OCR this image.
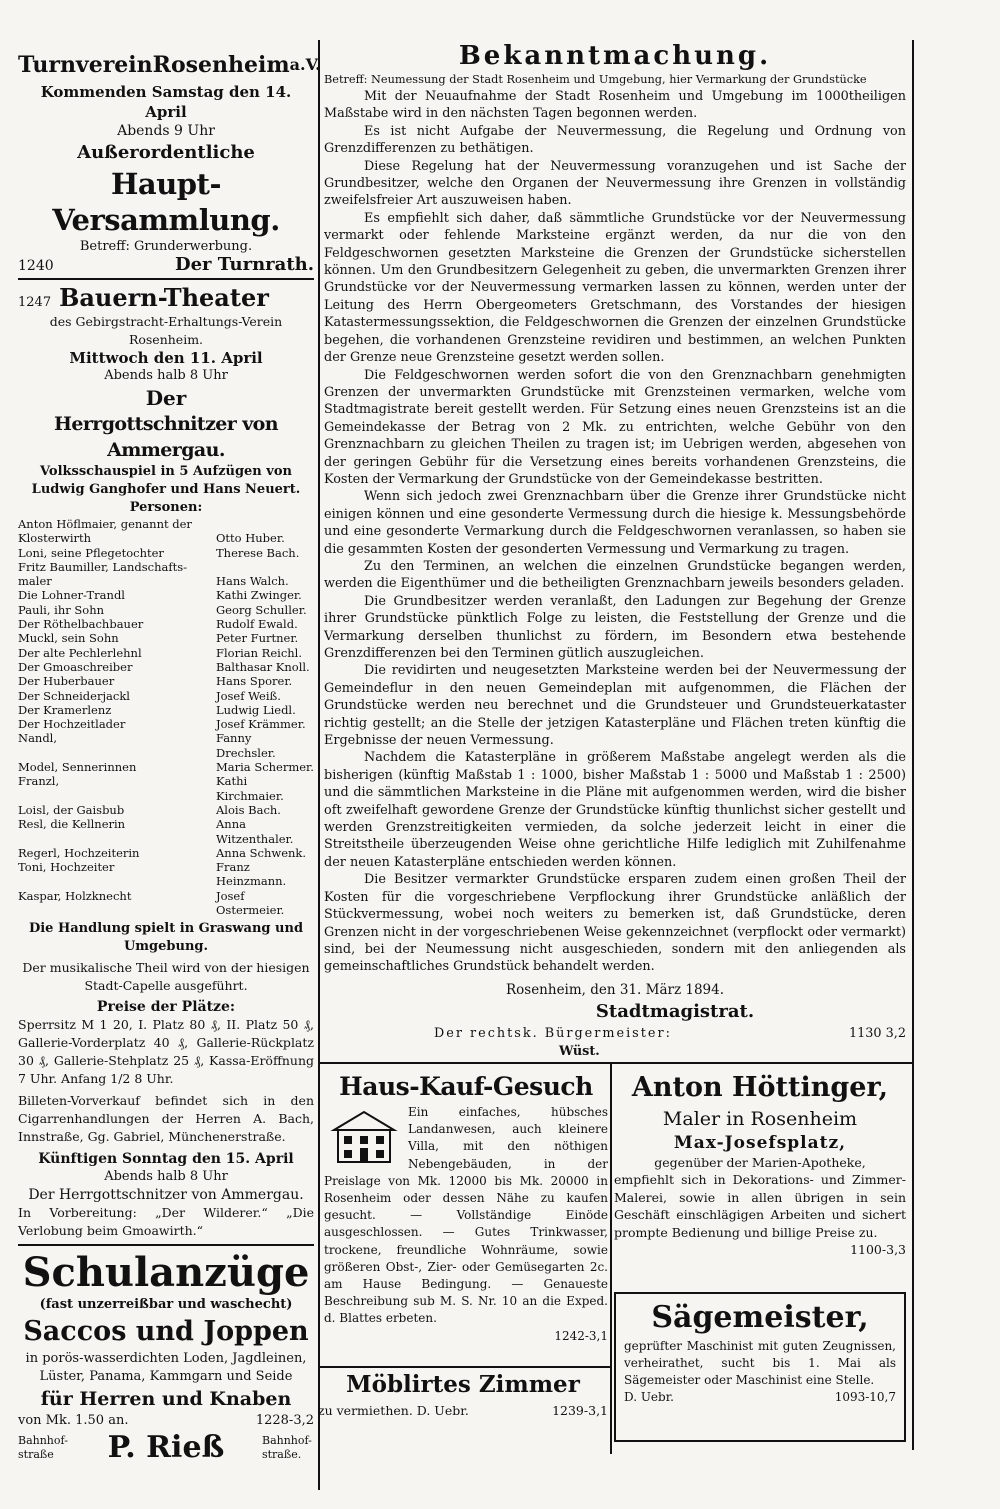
Turnverein Rosenheim a.V.

Kommenden Samstag den 14. April

Abends 9 Uhr

Außerordentliche

Haupt-Versammlung.

Betreff: Grunderwerbung.

1240	Der Turnrath.
1247 Bauern-Theater

des Gebirgstracht-Erhaltungs-Verein Rosenheim.

Mittwoch den 11. April

Abends halb 8 Uhr

Der

Herrgottschnitzer von Ammergau.

Volksschauspiel in 5 Aufzügen von Ludwig Ganghofer und Hans Neuert.

Personen:

Anton Höflmaier, genannt der
Klosterwirth	Otto Huber.
Loni, seine Pflegetochter	Therese Bach.
Fritz Baumiller, Landschafts-
maler	Hans Walch.
Die Lohner-Trandl	Kathi Zwinger.
Pauli, ihr Sohn	Georg Schuller.
Der Röthelbachbauer	Rudolf Ewald.
Muckl, sein Sohn	Peter Furtner.
Der alte Pechlerlehnl	Florian Reichl.
Der Gmoaschreiber	Balthasar Knoll.
Der Huberbauer	Hans Sporer.
Der Schneiderjackl	Josef Weiß.
Der Kramerlenz	Ludwig Liedl.
Der Hochzeitlader	Josef Krämmer.
Nandl,	Fanny Drechsler.
Model, Sennerinnen	Maria Schermer.
Franzl,	Kathi Kirchmaier.
Loisl, der Gaisbub	Alois Bach.
Resl, die Kellnerin	Anna Witzenthaler.
Regerl, Hochzeiterin	Anna Schwenk.
Toni, Hochzeiter	Franz Heinzmann.
Kaspar, Holzknecht	Josef Ostermeier.

Die Handlung spielt in Graswang und Umgebung.

Der musikalische Theil wird von der hiesigen Stadt-Capelle ausgeführt.

Preise der Plätze:

Sperrsitz M 1 20, I. Platz 80 ₰, II. Platz 50 ₰, Gallerie-Vorderplatz 40 ₰, Gallerie-Rückplatz 30 ₰, Gallerie-Stehplatz 25 ₰, Kassa-Eröffnung 7 Uhr. Anfang 1/2 8 Uhr.

Billeten-Vorverkauf befindet sich in den Cigarrenhandlungen der Herren A. Bach, Innstraße, Gg. Gabriel, Münchenerstraße.

Künftigen Sonntag den 15. April

Abends halb 8 Uhr

Der Herrgottschnitzer von Ammergau.

In Vorbereitung: „Der Wilderer.“ „Die Verlobung beim Gmoawirth.“

Schulanzüge

(fast unzerreißbar und waschecht)

Saccos und Joppen

in porös-wasserdichten Loden, Jagdleinen, Lüster, Panama, Kammgarn und Seide

für Herren und Knaben

von Mk. 1.50 an.	1228-3,2
Bahnhof-straße	P. Rieß	Bahnhof-straße.

Bekanntmachung.

Betreff: Neumessung der Stadt Rosenheim und Umgebung, hier Vermarkung der Grundstücke

Mit der Neuaufnahme der Stadt Rosenheim und Umgebung im 1000theiligen Maßstabe wird in den nächsten Tagen begonnen werden.

Es ist nicht Aufgabe der Neuvermessung, die Regelung und Ordnung von Grenzdifferenzen zu bethätigen.

Diese Regelung hat der Neuvermessung voranzugehen und ist Sache der Grundbesitzer, welche den Organen der Neuvermessung ihre Grenzen in vollständig zweifelsfreier Art auszuweisen haben.

Es empfiehlt sich daher, daß sämmtliche Grundstücke vor der Neuvermessung vermarkt oder fehlende Marksteine ergänzt werden, da nur die von den Feldgeschwornen gesetzten Marksteine die Grenzen der Grundstücke sicherstellen können. Um den Grundbesitzern Gelegenheit zu geben, die unvermarkten Grenzen ihrer Grundstücke vor der Neuvermessung vermarken lassen zu können, werden unter der Leitung des Herrn Obergeometers Gretschmann, des Vorstandes der hiesigen Katastermessungssektion, die Feldgeschwornen die Grenzen der einzelnen Grundstücke begehen, die vorhandenen Grenzsteine revidiren und bestimmen, an welchen Punkten der Grenze neue Grenzsteine gesetzt werden sollen.

Die Feldgeschwornen werden sofort die von den Grenznachbarn genehmigten Grenzen der unvermarkten Grundstücke mit Grenzsteinen vermarken, welche vom Stadtmagistrate bereit gestellt werden. Für Setzung eines neuen Grenzsteins ist an die Gemeindekasse der Betrag von 2 Mk. zu entrichten, welche Gebühr von den Grenznachbarn zu gleichen Theilen zu tragen ist; im Uebrigen werden, abgesehen von der geringen Gebühr für die Versetzung eines bereits vorhandenen Grenzsteins, die Kosten der Vermarkung der Grundstücke von der Gemeindekasse bestritten.

Wenn sich jedoch zwei Grenznachbarn über die Grenze ihrer Grundstücke nicht einigen können und eine gesonderte Vermessung durch die hiesige k. Messungsbehörde und eine gesonderte Vermarkung durch die Feldgeschwornen veranlassen, so haben sie die gesammten Kosten der gesonderten Vermessung und Vermarkung zu tragen.

Zu den Terminen, an welchen die einzelnen Grundstücke begangen werden, werden die Eigenthümer und die betheiligten Grenznachbarn jeweils besonders geladen.

Die Grundbesitzer werden veranlaßt, den Ladungen zur Begehung der Grenze ihrer Grundstücke pünktlich Folge zu leisten, die Feststellung der Grenze und die Vermarkung derselben thunlichst zu fördern, im Besondern etwa bestehende Grenzdifferenzen bei den Terminen gütlich auszugleichen.

Die revidirten und neugesetzten Marksteine werden bei der Neuvermessung der Gemeindeflur in den neuen Gemeindeplan mit aufgenommen, die Flächen der Grundstücke werden neu berechnet und die Grundsteuer und Grundsteuerkataster richtig gestellt; an die Stelle der jetzigen Katasterpläne und Flächen treten künftig die Ergebnisse der neuen Vermessung.

Nachdem die Katasterpläne in größerem Maßstabe angelegt werden als die bisherigen (künftig Maßstab 1 : 1000, bisher Maßstab 1 : 5000 und Maßstab 1 : 2500) und die sämmtlichen Marksteine in die Pläne mit aufgenommen werden, wird die bisher oft zweifelhaft gewordene Grenze der Grundstücke künftig thunlichst sicher gestellt und werden Grenzstreitigkeiten vermieden, da solche jederzeit leicht in einer die Streitstheile überzeugenden Weise ohne gerichtliche Hilfe lediglich mit Zuhilfenahme der neuen Katasterpläne entschieden werden können.

Die Besitzer vermarkter Grundstücke ersparen zudem einen großen Theil der Kosten für die vorgeschriebene Verpflockung ihrer Grundstücke anläßlich der Stückvermessung, wobei noch weiters zu bemerken ist, daß Grundstücke, deren Grenzen nicht in der vorgeschriebenen Weise gekennzeichnet (verpflockt oder vermarkt) sind, bei der Neumessung nicht ausgeschieden, sondern mit den anliegenden als gemeinschaftliches Grundstück behandelt werden.

Rosenheim, den 31. März 1894.

Stadtmagistrat.

Der rechtsk. Bürgermeister:	1130 3,2

Wüst.

Haus-Kauf-Gesuch

Ein einfaches, hübsches Landanwesen, auch kleinere Villa, mit den nöthigen Nebengebäuden, in der Preislage von Mk. 12000 bis Mk. 20000 in Rosenheim oder dessen Nähe zu kaufen gesucht. — Vollständige Einöde ausgeschlossen. — Gutes Trinkwasser, trockene, freundliche Wohnräume, sowie größeren Obst-, Zier- oder Gemüsegarten 2c. am Hause Bedingung. — Genaueste Beschreibung sub M. S. Nr. 10 an die Exped. d. Blattes erbeten.

1242-3,1

Möblirtes Zimmer

zu vermiethen. D. Uebr.	1239-3,1

Anton Höttinger,

Maler in Rosenheim

Max-Josefsplatz,

gegenüber der Marien-Apotheke,

empfiehlt sich in Dekorations- und Zimmer-Malerei, sowie in allen übrigen in sein Geschäft einschlägigen Arbeiten und sichert prompte Bedienung und billige Preise zu.

1100-3,3

Sägemeister,

geprüfter Maschinist mit guten Zeugnissen, verheirathet, sucht bis 1. Mai als Sägemeister oder Maschinist eine Stelle.

D. Uebr.	1093-10,7
